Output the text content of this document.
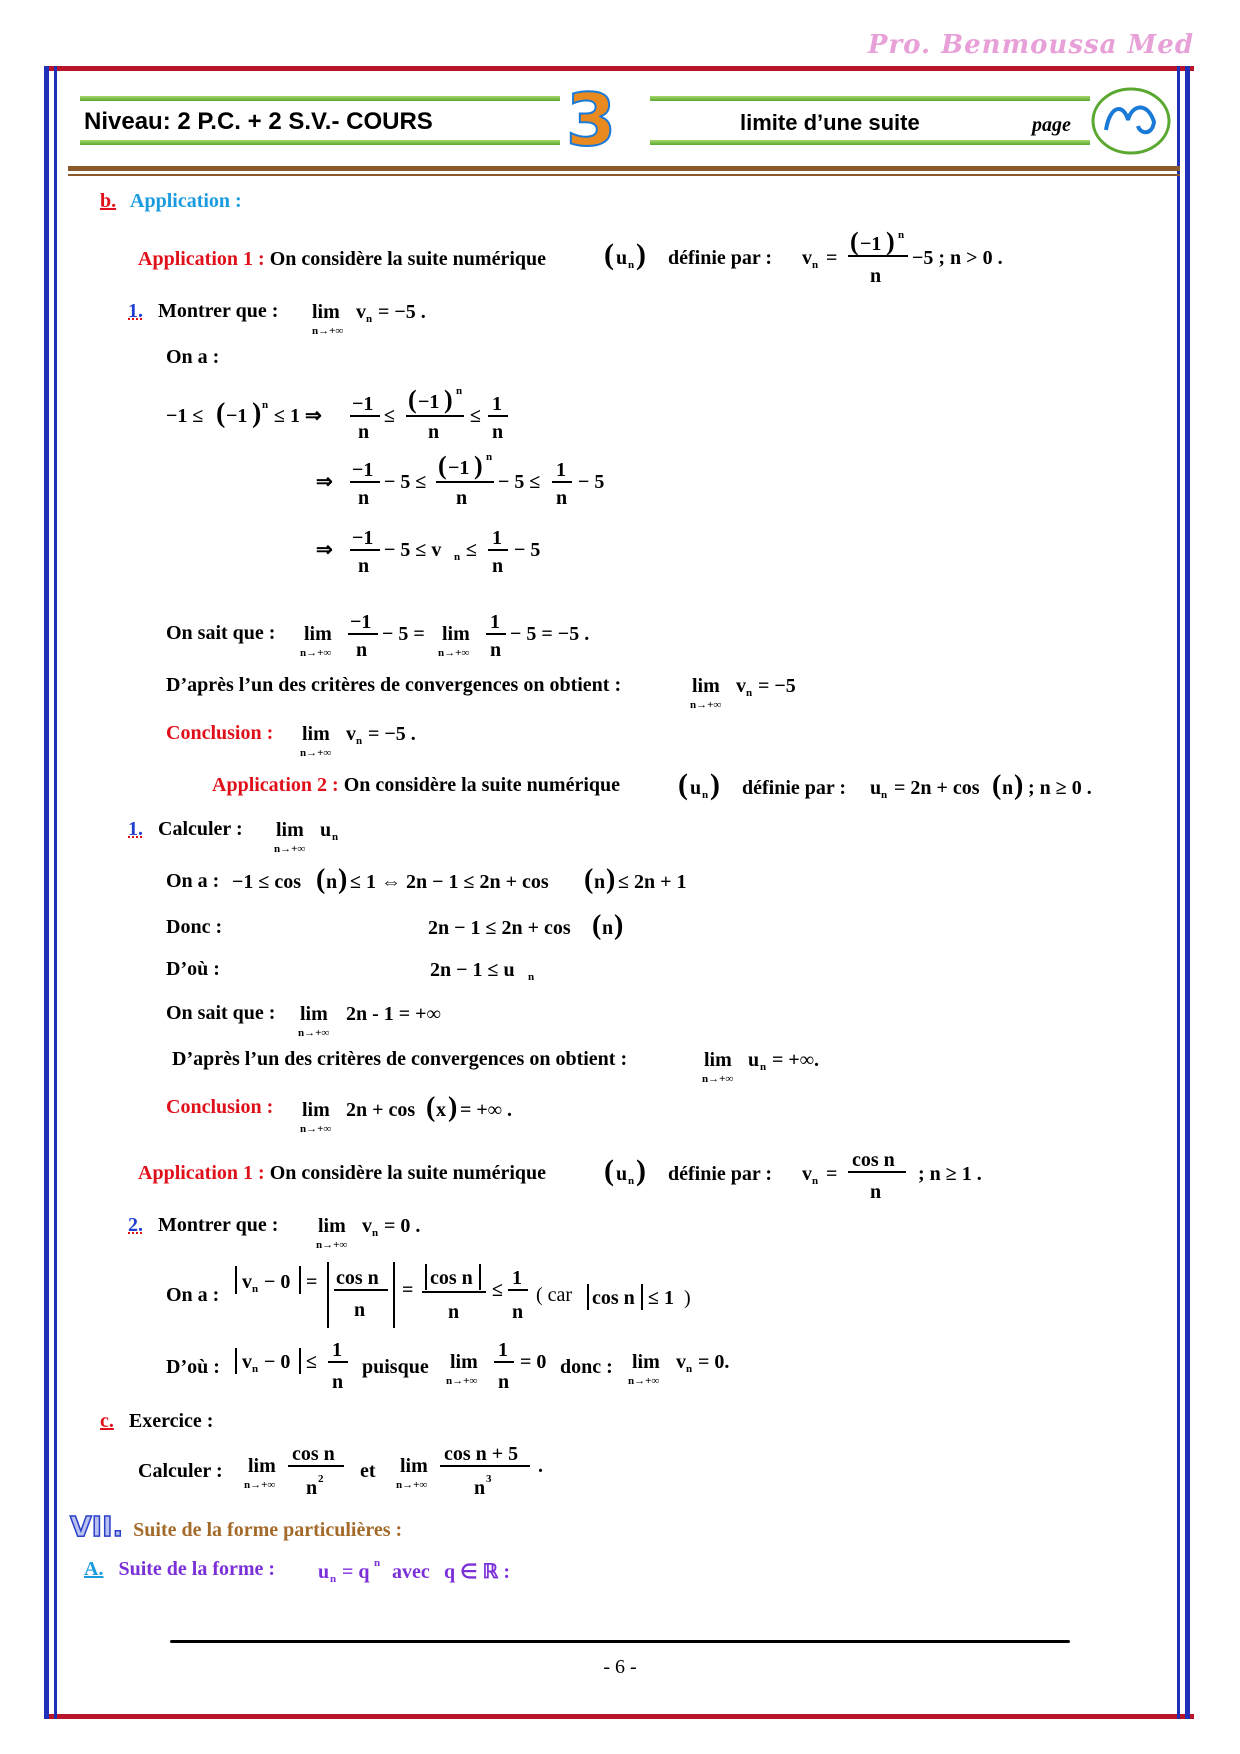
Pro. Benmoussa Med
Niveau: 2 P.C. + 2 S.V.- COURS 3	limite d’une suite	page
b. Application :
Application 1 : On considère la suite numérique ( u n ) définie par : v n =
( −1 ) n
n
−5 ; n > 0 .
1. Montrer que : lim
n→+∞
v n = −5 .
On a :
−1 ≤ ( −1 ) n ≤ 1 ⇒
−1
n
≤
( −1 ) n
n
≤
1
n
⇒
−1
n
− 5 ≤
( −1 ) n
n
− 5 ≤
1
n
− 5
⇒
−1
n
− 5 ≤ v n ≤
1
n
− 5
On sait que : lim
n→+∞
−1
n
− 5 = lim
n→+∞
1
n
− 5 = −5 .
D’après l’un des critères de convergences on obtient :	lim
n→+∞
v n = −5
Conclusion : lim
n→+∞
v n = −5 .
Application 2 : On considère la suite numérique ( u n ) définie par : u n = 2n + cos ( n ) ; n ≥ 0 .
1. Calculer : lim
n→+∞
u n
On a : −1 ≤ cos ( n ) ≤ 1 ⇔ 2n − 1 ≤ 2n + cos ( n ) ≤ 2n + 1
Donc :	2n − 1 ≤ 2n + cos ( n )
D’où :	2n − 1 ≤ u n
On sait que : lim
n→+∞
2n - 1 = +∞
D’après l’un des critères de convergences on obtient :	lim
n→+∞
u n = +∞.
Conclusion : lim
n→+∞
2n + cos ( x ) = +∞ .
Application 1 : On considère la suite numérique ( u n ) définie par : v n =
cos n
n
; n ≥ 1 .
2. Montrer que : lim
n→+∞
v n = 0 .
On a :
v n − 0 = cos n
n
=
cos n
n
≤
1
n
( car cos n ≤ 1 )
D’où : v n − 0 ≤
1
n
puisque lim
n→+∞
1
n
= 0 donc : lim
n→+∞
v n = 0.
c. Exercice :
Calculer : lim
n→+∞
cos n
n 2 et lim
n→+∞
cos n + 5
n 3
.
VII. Suite de la forme particulières :
A. Suite de la forme : u n = q n avec q ∈ ℝ :
- 6 -
